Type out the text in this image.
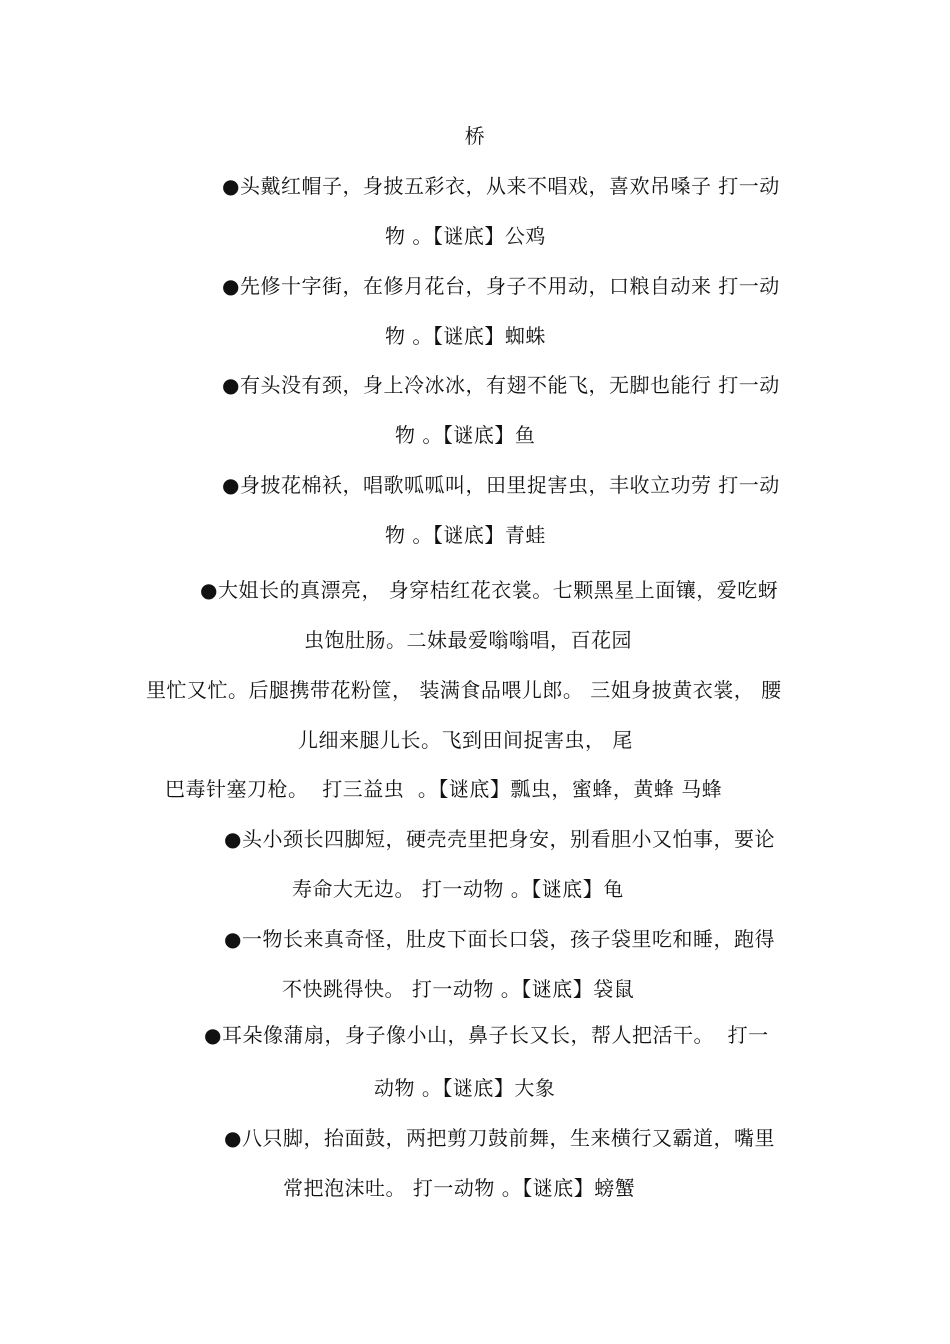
桥
●头戴红帽子，身披五彩衣，从来不唱戏，喜欢吊嗓子 打一动
物 。【谜底】公鸡
●先修十字街，在修月花台，身子不用动，口粮自动来 打一动
物 。【谜底】蜘蛛
●有头没有颈，身上冷冰冰，有翅不能飞，无脚也能行 打一动
物 。【谜底】鱼
●身披花棉袄，唱歌呱呱叫，田里捉害虫，丰收立功劳 打一动
物 。【谜底】青蛙
●大姐长的真漂亮， 身穿桔红花衣裳。七颗黑星上面镶，爱吃蚜
虫饱肚肠。二妹最爱嗡嗡唱，百花园
里忙又忙。后腿携带花粉筐， 装满食品喂儿郎。 三姐身披黄衣裳， 腰
儿细来腿儿长。飞到田间捉害虫， 尾
巴毒针塞刀枪。  打三益虫  。【谜底】瓢虫，蜜蜂，黄蜂 马蜂
●头小颈长四脚短，硬壳壳里把身安，别看胆小又怕事，要论
寿命大无边。 打一动物 。【谜底】龟
●一物长来真奇怪，肚皮下面长口袋，孩子袋里吃和睡，跑得
不快跳得快。 打一动物 。【谜底】袋鼠
●耳朵像蒲扇，身子像小山，鼻子长又长，帮人把活干。  打一
动物 。【谜底】大象
●八只脚，抬面鼓，两把剪刀鼓前舞，生来横行又霸道，嘴里
常把泡沫吐。 打一动物 。【谜底】螃蟹
